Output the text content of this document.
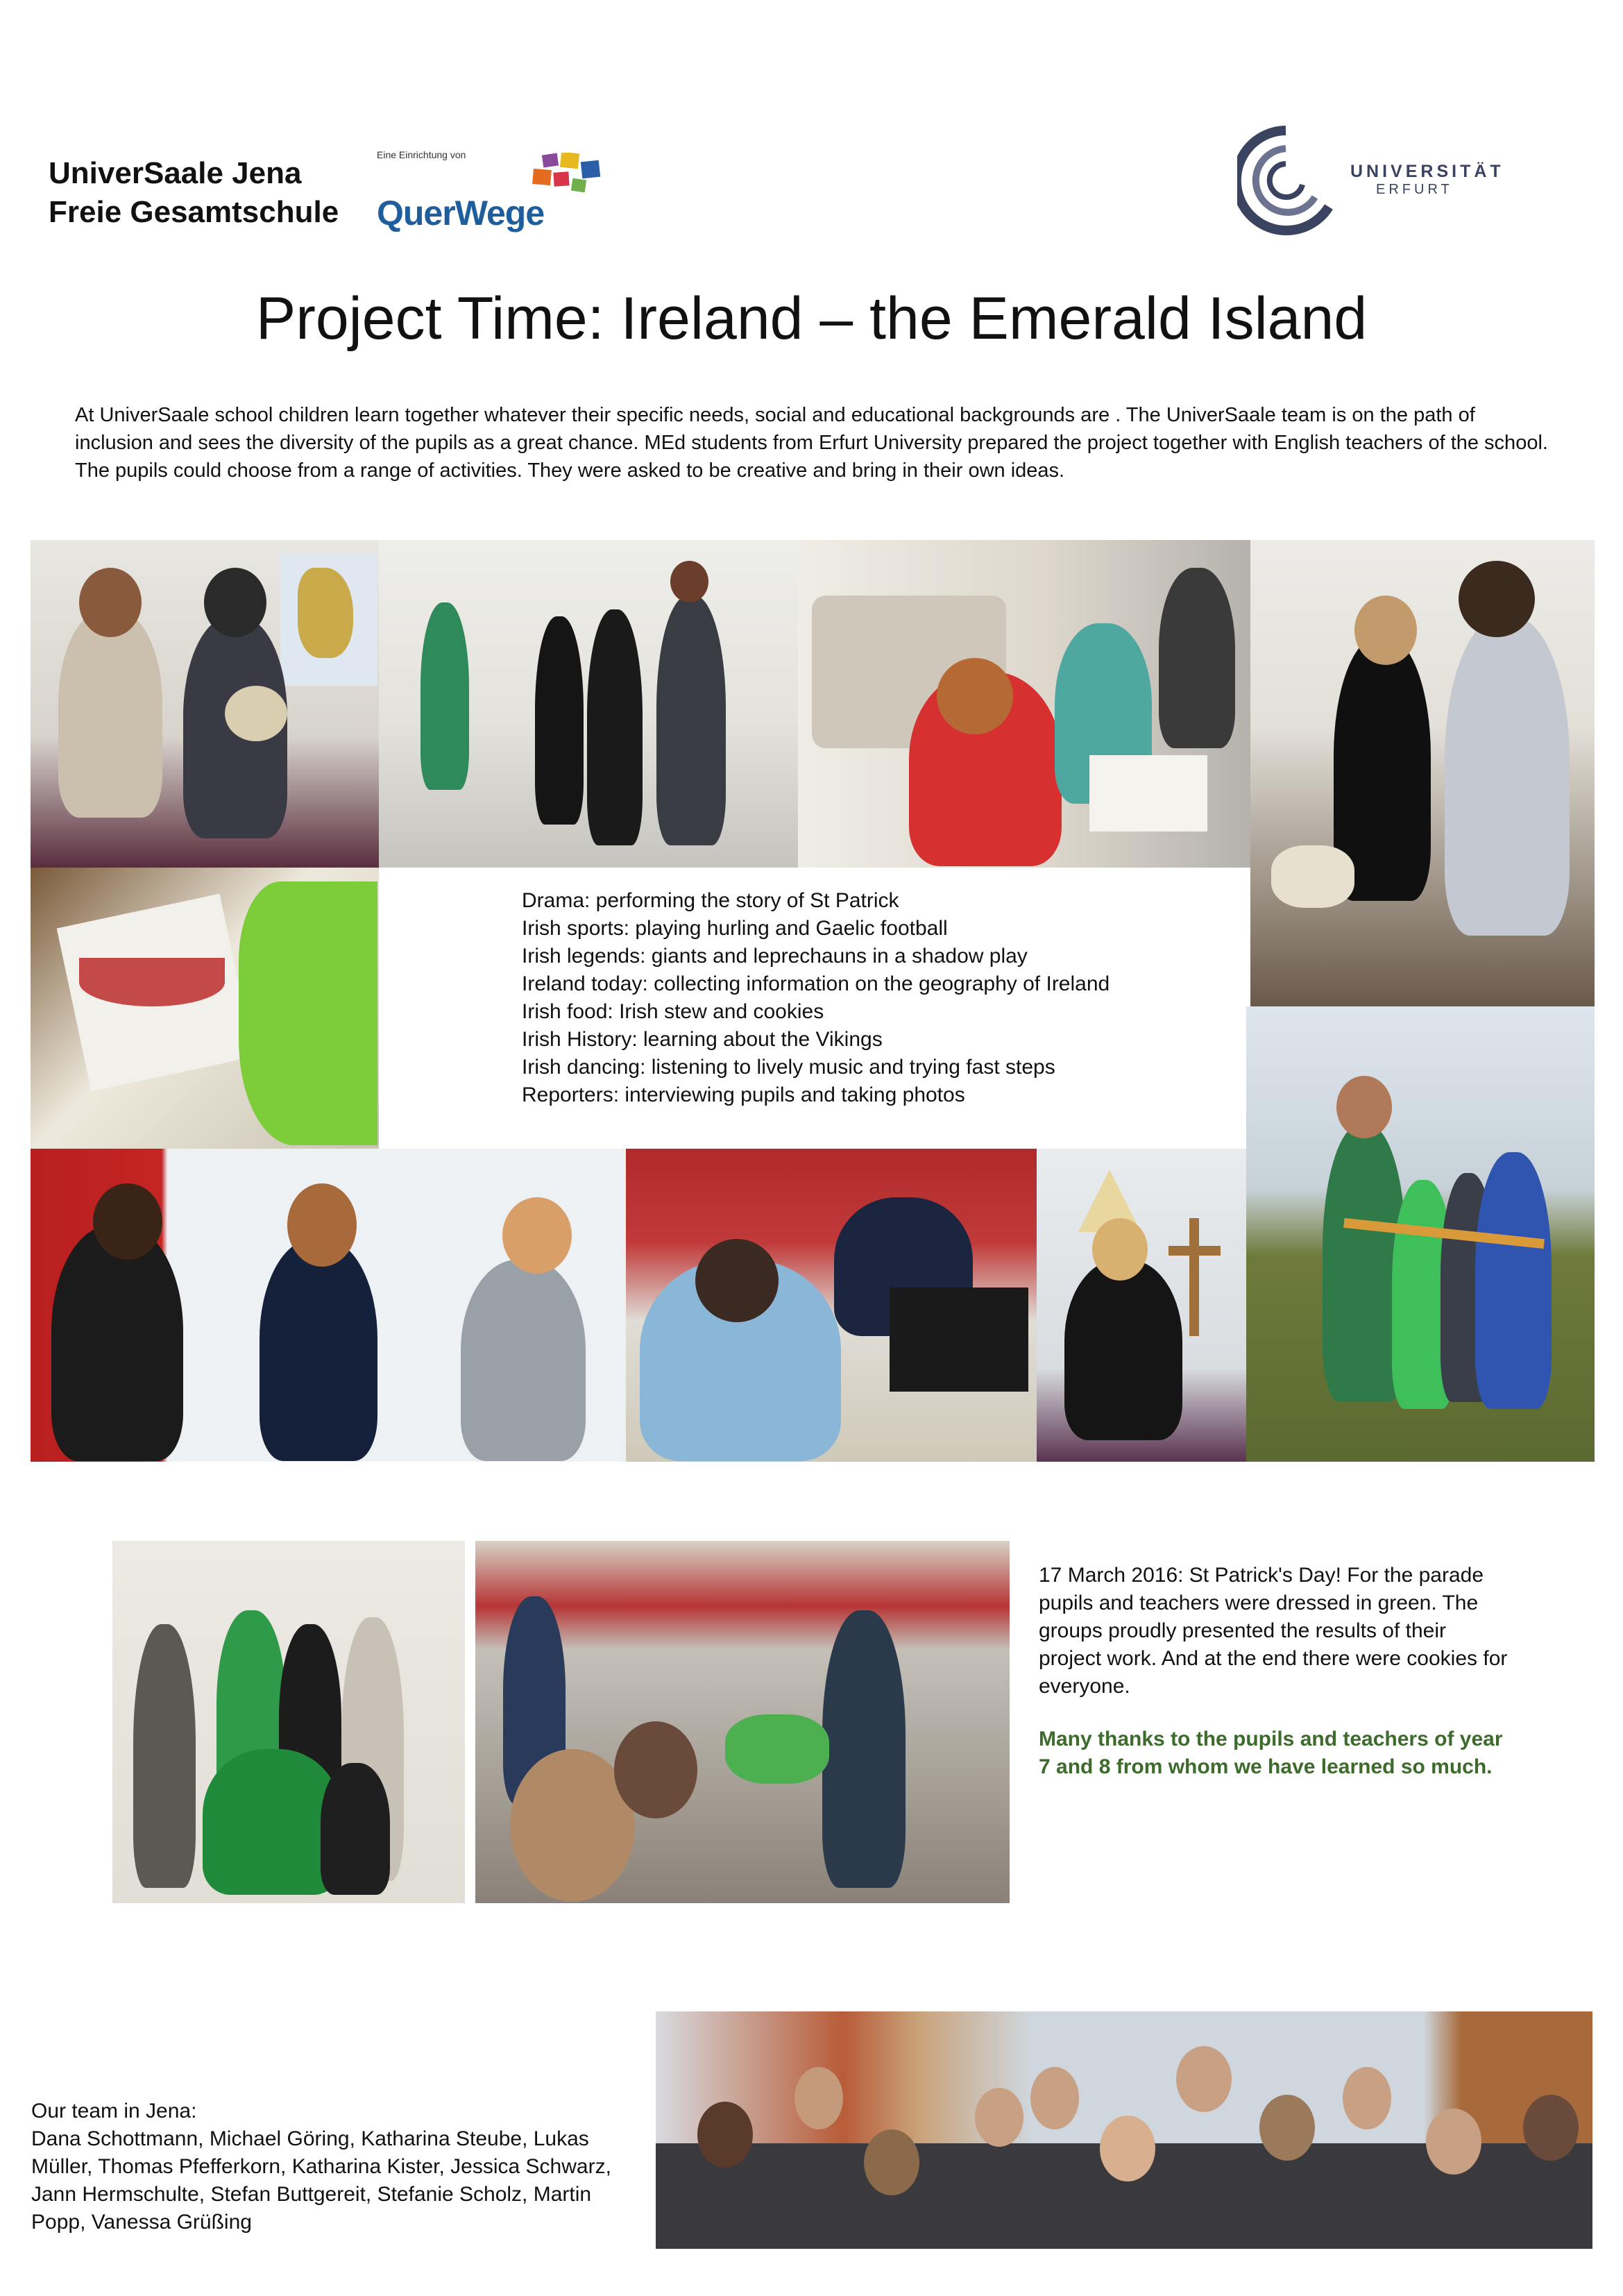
UniverSaale Jena
Freie Gesamtschule
Eine Einrichtung von
QuerWege
UNIVERSITÄT
ERFURT
Project Time: Ireland – the Emerald Island
At UniverSaale school children learn together whatever their specific needs, social and educational backgrounds are . The UniverSaale team is on the path of inclusion and sees the diversity of the pupils as a great chance. MEd students from Erfurt University prepared the project together with English teachers of the school. The pupils could choose from a range of activities. They were asked to be creative and bring in their own ideas.
Drama: performing the story of St Patrick
Irish sports: playing hurling and Gaelic football
Irish legends: giants and leprechauns in a shadow play
Ireland today: collecting information on the geography of Ireland
Irish food: Irish stew and cookies
Irish History: learning about the Vikings
Irish dancing: listening to lively music and trying fast steps
Reporters: interviewing pupils and taking photos
17 March 2016: St Patrick's Day! For the parade pupils and teachers were dressed in green. The groups proudly presented the results of their project work. And at the end there were cookies for everyone.
Many thanks to the pupils and teachers of year 7 and 8 from whom we have learned so much.
Our team in Jena:
Dana Schottmann, Michael Göring, Katharina Steube, Lukas Müller, Thomas Pfefferkorn, Katharina Kister, Jessica Schwarz, Jann Hermschulte, Stefan Buttgereit, Stefanie Scholz, Martin Popp, Vanessa Grüßing
